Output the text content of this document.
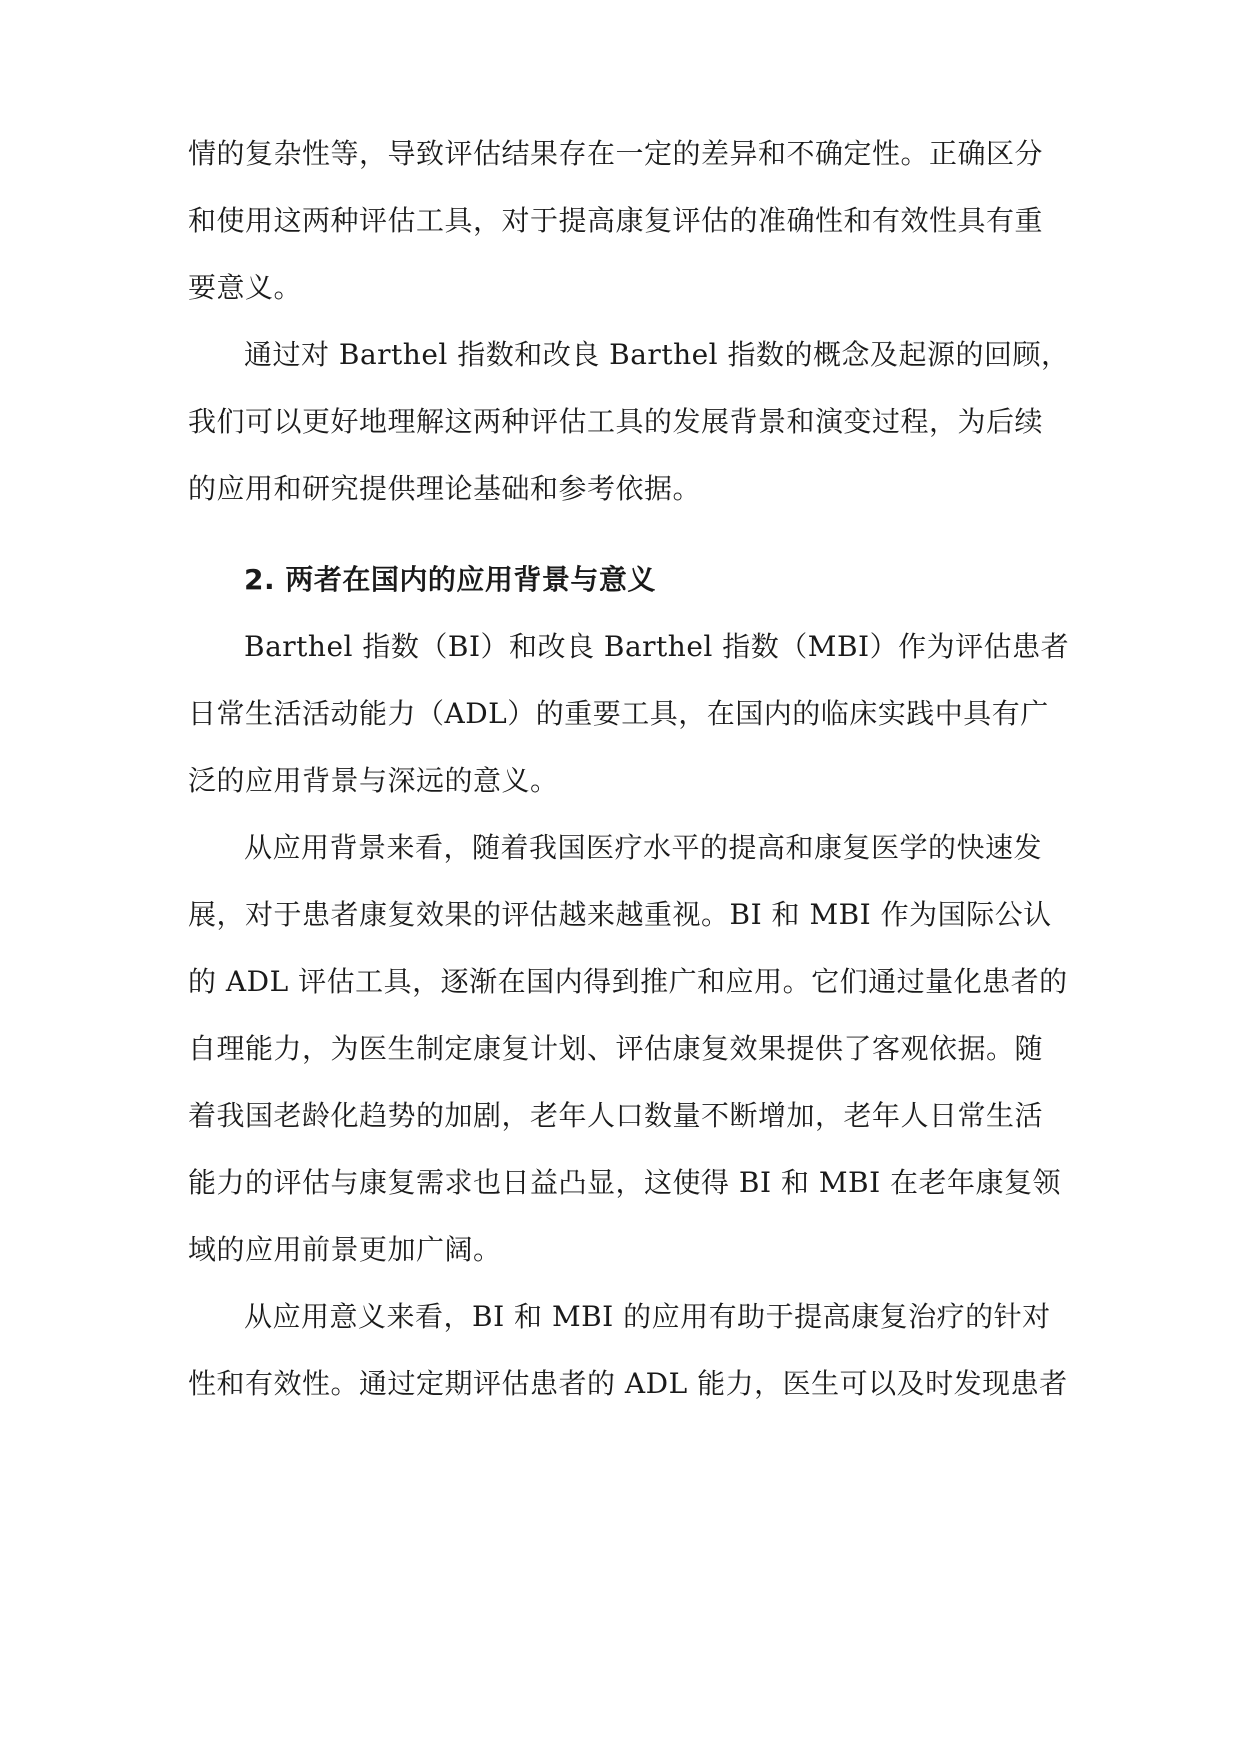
情的复杂性等，导致评估结果存在一定的差异和不确定性。正确区分
和使用这两种评估工具，对于提高康复评估的准确性和有效性具有重
要意义。
通过对 Barthel 指数和改良 Barthel 指数的概念及起源的回顾，
我们可以更好地理解这两种评估工具的发展背景和演变过程，为后续
的应用和研究提供理论基础和参考依据。
2. 两者在国内的应用背景与意义
Barthel 指数（BI）和改良 Barthel 指数（MBI）作为评估患者
日常生活活动能力（ADL）的重要工具，在国内的临床实践中具有广
泛的应用背景与深远的意义。
从应用背景来看，随着我国医疗水平的提高和康复医学的快速发
展，对于患者康复效果的评估越来越重视。BI 和 MBI 作为国际公认
的 ADL 评估工具，逐渐在国内得到推广和应用。它们通过量化患者的
自理能力，为医生制定康复计划、评估康复效果提供了客观依据。随
着我国老龄化趋势的加剧，老年人口数量不断增加，老年人日常生活
能力的评估与康复需求也日益凸显，这使得 BI 和 MBI 在老年康复领
域的应用前景更加广阔。
从应用意义来看，BI 和 MBI 的应用有助于提高康复治疗的针对
性和有效性。通过定期评估患者的 ADL 能力，医生可以及时发现患者
